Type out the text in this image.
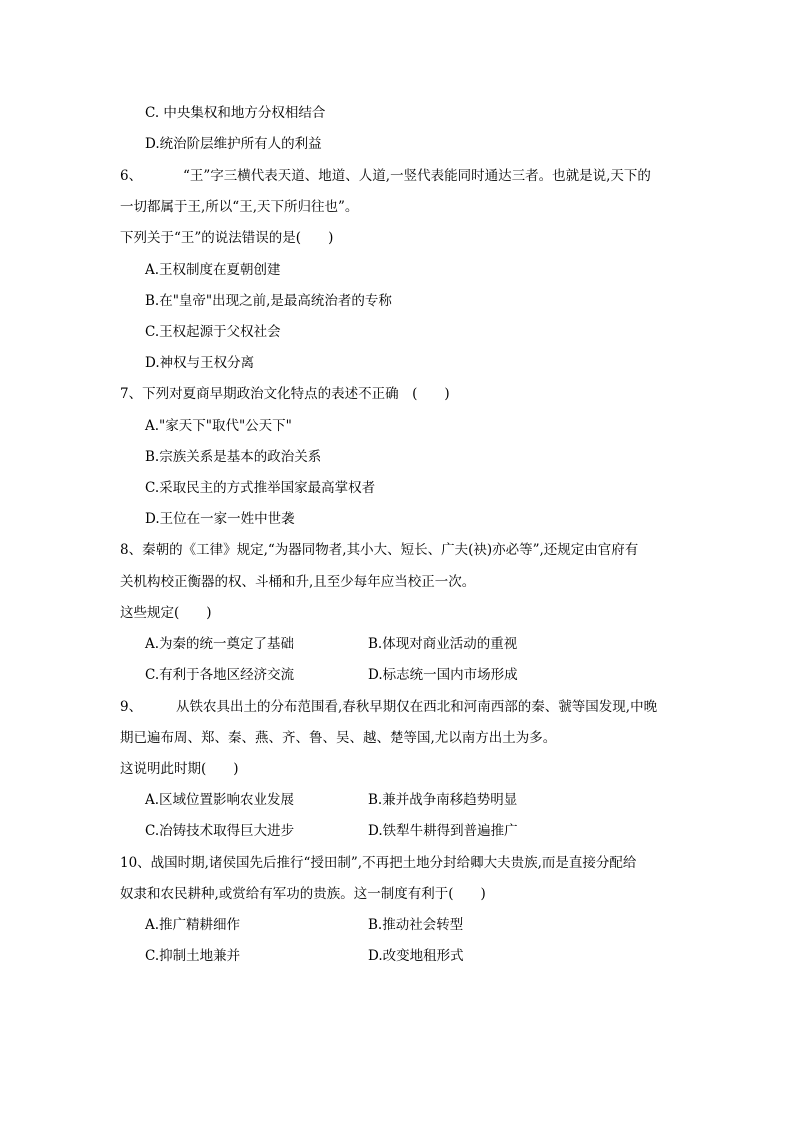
C. 中央集权和地方分权相结合
D.统治阶层维护所有人的利益
6、	“王”字三横代表天道、地道、人道,一竖代表能同时通达三者。也就是说,天下的
一切都属于王,所以“王,天下所归往也”。
下列关于“王”的说法错误的是(　　)
A.王权制度在夏朝创建
B.在"皇帝"出现之前,是最高统治者的专称
C.王权起源于父权社会
D.神权与王权分离
7、下列对夏商早期政治文化特点的表述不正确　(　　)
A."家天下"取代"公天下"
B.宗族关系是基本的政治关系
C.采取民主的方式推举国家最高掌权者
D.王位在一家一姓中世袭
8、秦朝的《工律》规定,“为器同物者,其小大、短长、广夫(袂)亦必等”,还规定由官府有
关机构校正衡器的权、斗桶和升,且至少每年应当校正一次。
这些规定(　　)
A.为秦的统一奠定了基础	B.体现对商业活动的重视
C.有利于各地区经济交流	D.标志统一国内市场形成
9、	从铁农具出土的分布范围看,春秋早期仅在西北和河南西部的秦、虢等国发现,中晚
期已遍布周、郑、秦、燕、齐、鲁、吴、越、楚等国,尤以南方出土为多。
这说明此时期(　　)
A.区域位置影响农业发展	B.兼并战争南移趋势明显
C.冶铸技术取得巨大进步	D.铁犁牛耕得到普遍推广
10、战国时期,诸侯国先后推行“授田制”,不再把土地分封给卿大夫贵族,而是直接分配给
奴隶和农民耕种,或赏给有军功的贵族。这一制度有利于(　　)
A.推广精耕细作	B.推动社会转型
C.抑制土地兼并	D.改变地租形式
